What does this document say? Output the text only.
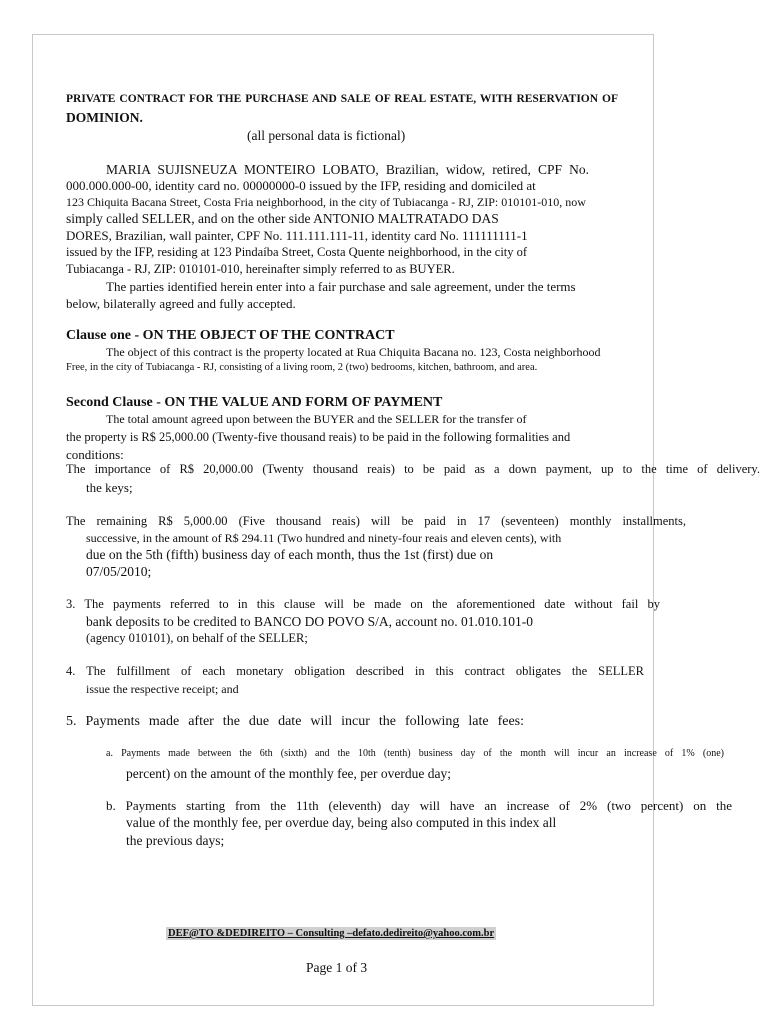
PRIVATE CONTRACT FOR THE PURCHASE AND SALE OF REAL ESTATE, WITH RESERVATION OF
DOMINION.
(all personal data is fictional)
MARIA SUJISNEUZA MONTEIRO LOBATO, Brazilian, widow, retired, CPF No.
000.000.000-00, identity card no. 00000000-0 issued by the IFP, residing and domiciled at
123 Chiquita Bacana Street, Costa Fria neighborhood, in the city of Tubiacanga - RJ, ZIP: 010101-010, now
simply called SELLER, and on the other side ANTONIO MALTRATADO DAS
DORES, Brazilian, wall painter, CPF No. 111.111.111-11, identity card No. 111111111-1
issued by the IFP, residing at 123 Pindaíba Street, Costa Quente neighborhood, in the city of
Tubiacanga - RJ, ZIP: 010101-010, hereinafter simply referred to as BUYER.
The parties identified herein enter into a fair purchase and sale agreement, under the terms
below, bilaterally agreed and fully accepted.
Clause one - ON THE OBJECT OF THE CONTRACT
The object of this contract is the property located at Rua Chiquita Bacana no. 123, Costa neighborhood
Free, in the city of Tubiacanga - RJ, consisting of a living room, 2 (two) bedrooms, kitchen, bathroom, and area.
Second Clause - ON THE VALUE AND FORM OF PAYMENT
The total amount agreed upon between the BUYER and the SELLER for the transfer of
the property is R$ 25,000.00 (Twenty-five thousand reais) to be paid in the following formalities and
conditions:
The importance of R$ 20,000.00 (Twenty thousand reais) to be paid as a down payment, up to the time of delivery.
the keys;
The remaining R$ 5,000.00 (Five thousand reais) will be paid in 17 (seventeen) monthly installments,
successive, in the amount of R$ 294.11 (Two hundred and ninety-four reais and eleven cents), with
due on the 5th (fifth) business day of each month, thus the 1st (first) due on
07/05/2010;
3. The payments referred to in this clause will be made on the aforementioned date without fail by
bank deposits to be credited to BANCO DO POVO S/A, account no. 01.010.101-0
(agency 010101), on behalf of the SELLER;
4. The fulfillment of each monetary obligation described in this contract obligates the SELLER
issue the respective receipt; and
5. Payments made after the due date will incur the following late fees:
a. Payments made between the 6th (sixth) and the 10th (tenth) business day of the month will incur an increase of 1% (one)
percent) on the amount of the monthly fee, per overdue day;
b. Payments starting from the 11th (eleventh) day will have an increase of 2% (two percent) on the
value of the monthly fee, per overdue day, being also computed in this index all
the previous days;
DEF@TO &DEDIREITO – Consulting –defato.dedireito@yahoo.com.br
Page 1 of 3
